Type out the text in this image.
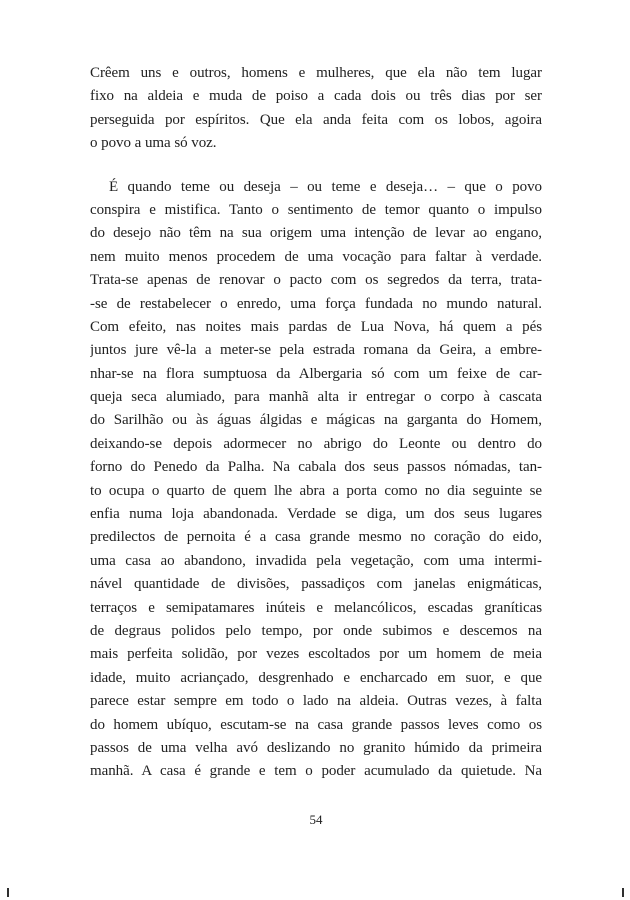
Crêem uns e outros, homens e mulheres, que ela não tem lugar
fixo na aldeia e muda de poiso a cada dois ou três dias por ser
perseguida por espíritos. Que ela anda feita com os lobos, agoira
o povo a uma só voz.
É quando teme ou deseja – ou teme e deseja… – que o povo
conspira e mistifica. Tanto o sentimento de temor quanto o impulso
do desejo não têm na sua origem uma intenção de levar ao engano,
nem muito menos procedem de uma vocação para faltar à verdade.
Trata-se apenas de renovar o pacto com os segredos da terra, trata-
-se de restabelecer o enredo, uma força fundada no mundo natural.
Com efeito, nas noites mais pardas de Lua Nova, há quem a pés
juntos jure vê-la a meter-se pela estrada romana da Geira, a embre-
nhar-se na flora sumptuosa da Albergaria só com um feixe de car-
queja seca alumiado, para manhã alta ir entregar o corpo à cascata
do Sarilhão ou às águas álgidas e mágicas na garganta do Homem,
deixando-se depois adormecer no abrigo do Leonte ou dentro do
forno do Penedo da Palha. Na cabala dos seus passos nómadas, tan-
to ocupa o quarto de quem lhe abra a porta como no dia seguinte se
enfia numa loja abandonada. Verdade se diga, um dos seus lugares
predilectos de pernoita é a casa grande mesmo no coração do eido,
uma casa ao abandono, invadida pela vegetação, com uma intermi-
nável quantidade de divisões, passadiços com janelas enigmáticas,
terraços e semipatamares inúteis e melancólicos, escadas graníticas
de degraus polidos pelo tempo, por onde subimos e descemos na
mais perfeita solidão, por vezes escoltados por um homem de meia
idade, muito acriançado, desgrenhado e encharcado em suor, e que
parece estar sempre em todo o lado na aldeia. Outras vezes, à falta
do homem ubíquo, escutam-se na casa grande passos leves como os
passos de uma velha avó deslizando no granito húmido da primeira
manhã. A casa é grande e tem o poder acumulado da quietude. Na
54
